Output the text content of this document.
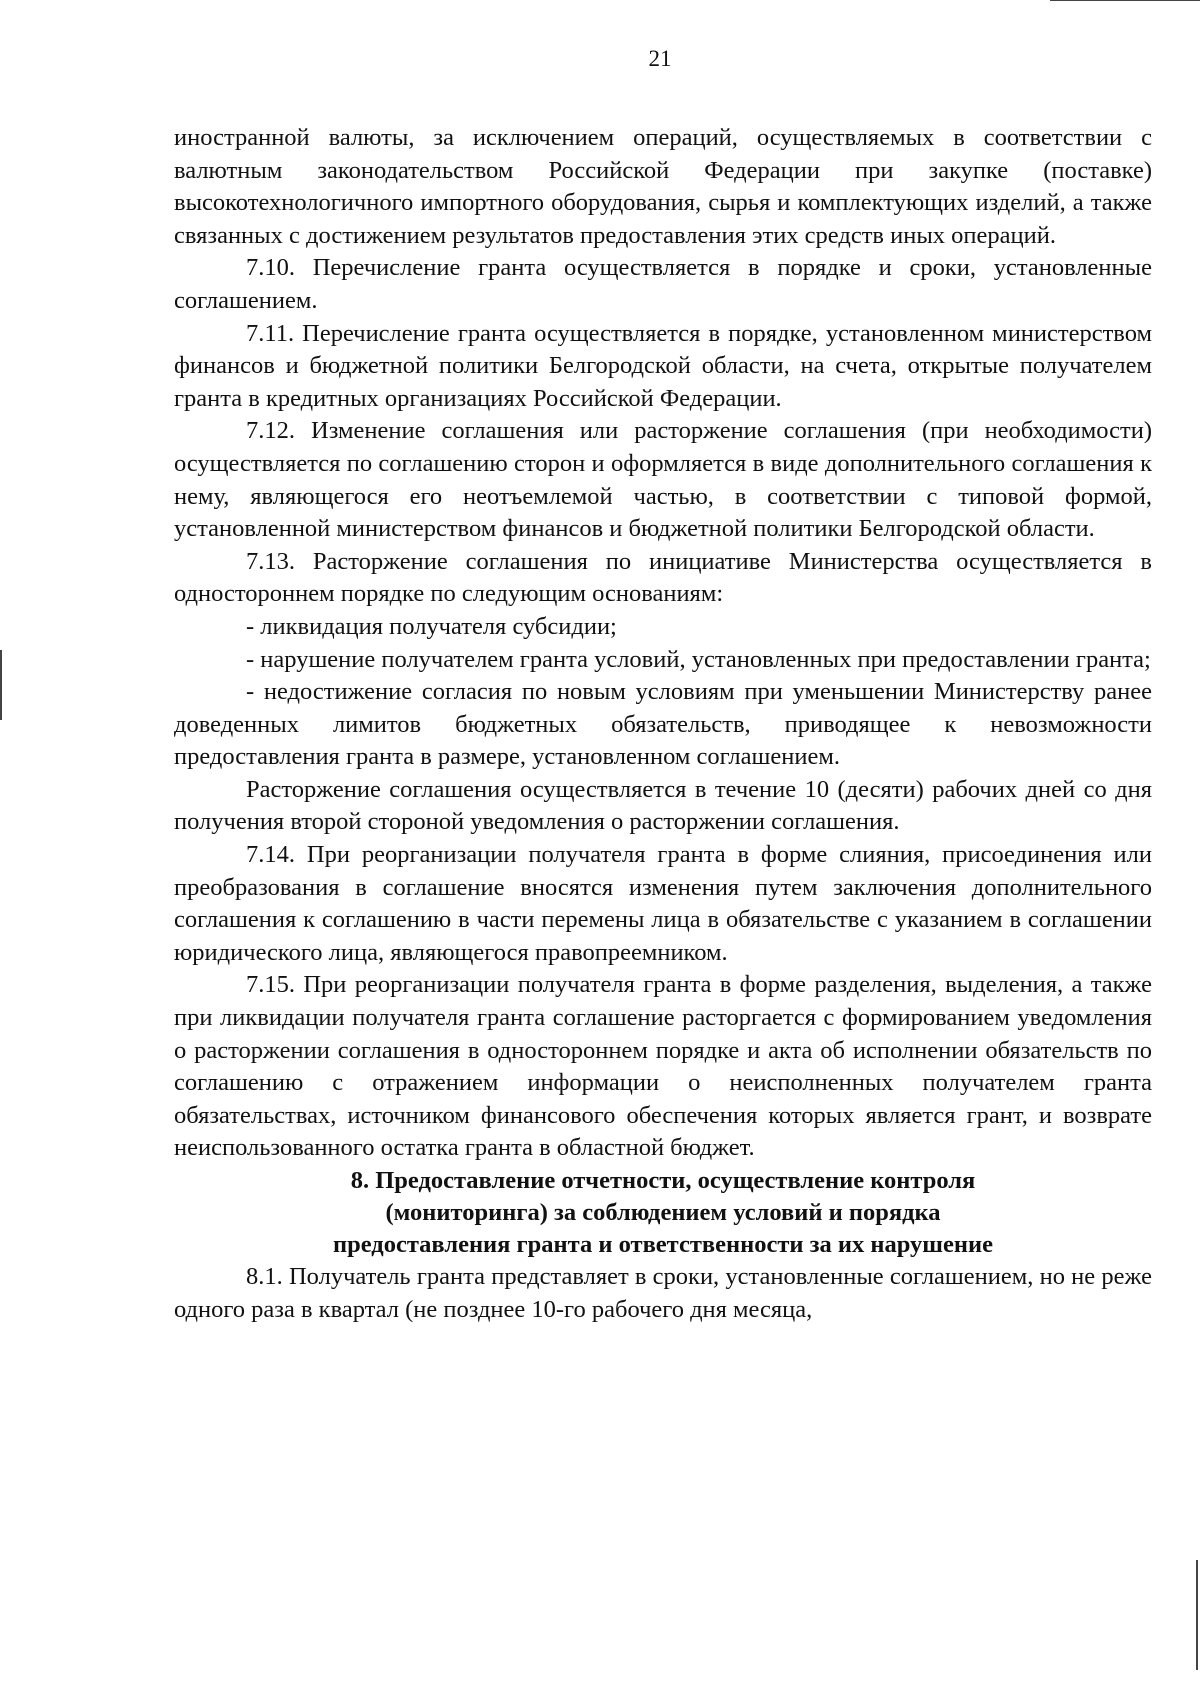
21

иностранной валюты, за исключением операций, осуществляемых в соответствии с валютным законодательством Российской Федерации при закупке (поставке) высокотехнологичного импортного оборудования, сырья и комплектующих изделий, а также связанных с достижением результатов предоставления этих средств иных операций.

7.10. Перечисление гранта осуществляется в порядке и сроки, установленные соглашением.

7.11. Перечисление гранта осуществляется в порядке, установленном министерством финансов и бюджетной политики Белгородской области, на счета, открытые получателем гранта в кредитных организациях Российской Федерации.

7.12. Изменение соглашения или расторжение соглашения (при необходимости) осуществляется по соглашению сторон и оформляется в виде дополнительного соглашения к нему, являющегося его неотъемлемой частью, в соответствии с типовой формой, установленной министерством финансов и бюджетной политики Белгородской области.

7.13. Расторжение соглашения по инициативе Министерства осуществляется в одностороннем порядке по следующим основаниям:

- ликвидация получателя субсидии;

- нарушение получателем гранта условий, установленных при предоставлении гранта;

- недостижение согласия по новым условиям при уменьшении Министерству ранее доведенных лимитов бюджетных обязательств, приводящее к невозможности предоставления гранта в размере, установленном соглашением.

Расторжение соглашения осуществляется в течение 10 (десяти) рабочих дней со дня получения второй стороной уведомления о расторжении соглашения.

7.14. При реорганизации получателя гранта в форме слияния, присоединения или преобразования в соглашение вносятся изменения путем заключения дополнительного соглашения к соглашению в части перемены лица в обязательстве с указанием в соглашении юридического лица, являющегося правопреемником.

7.15. При реорганизации получателя гранта в форме разделения, выделения, а также при ликвидации получателя гранта соглашение расторгается с формированием уведомления о расторжении соглашения в одностороннем порядке и акта об исполнении обязательств по соглашению с отражением информации о неисполненных получателем гранта обязательствах, источником финансового обеспечения которых является грант, и возврате неиспользованного остатка гранта в областной бюджет.

8. Предоставление отчетности, осуществление контроля
(мониторинга) за соблюдением условий и порядка
предоставления гранта и ответственности за их нарушение

8.1. Получатель гранта представляет в сроки, установленные соглашением, но не реже одного раза в квартал (не позднее 10-го рабочего дня месяца,
